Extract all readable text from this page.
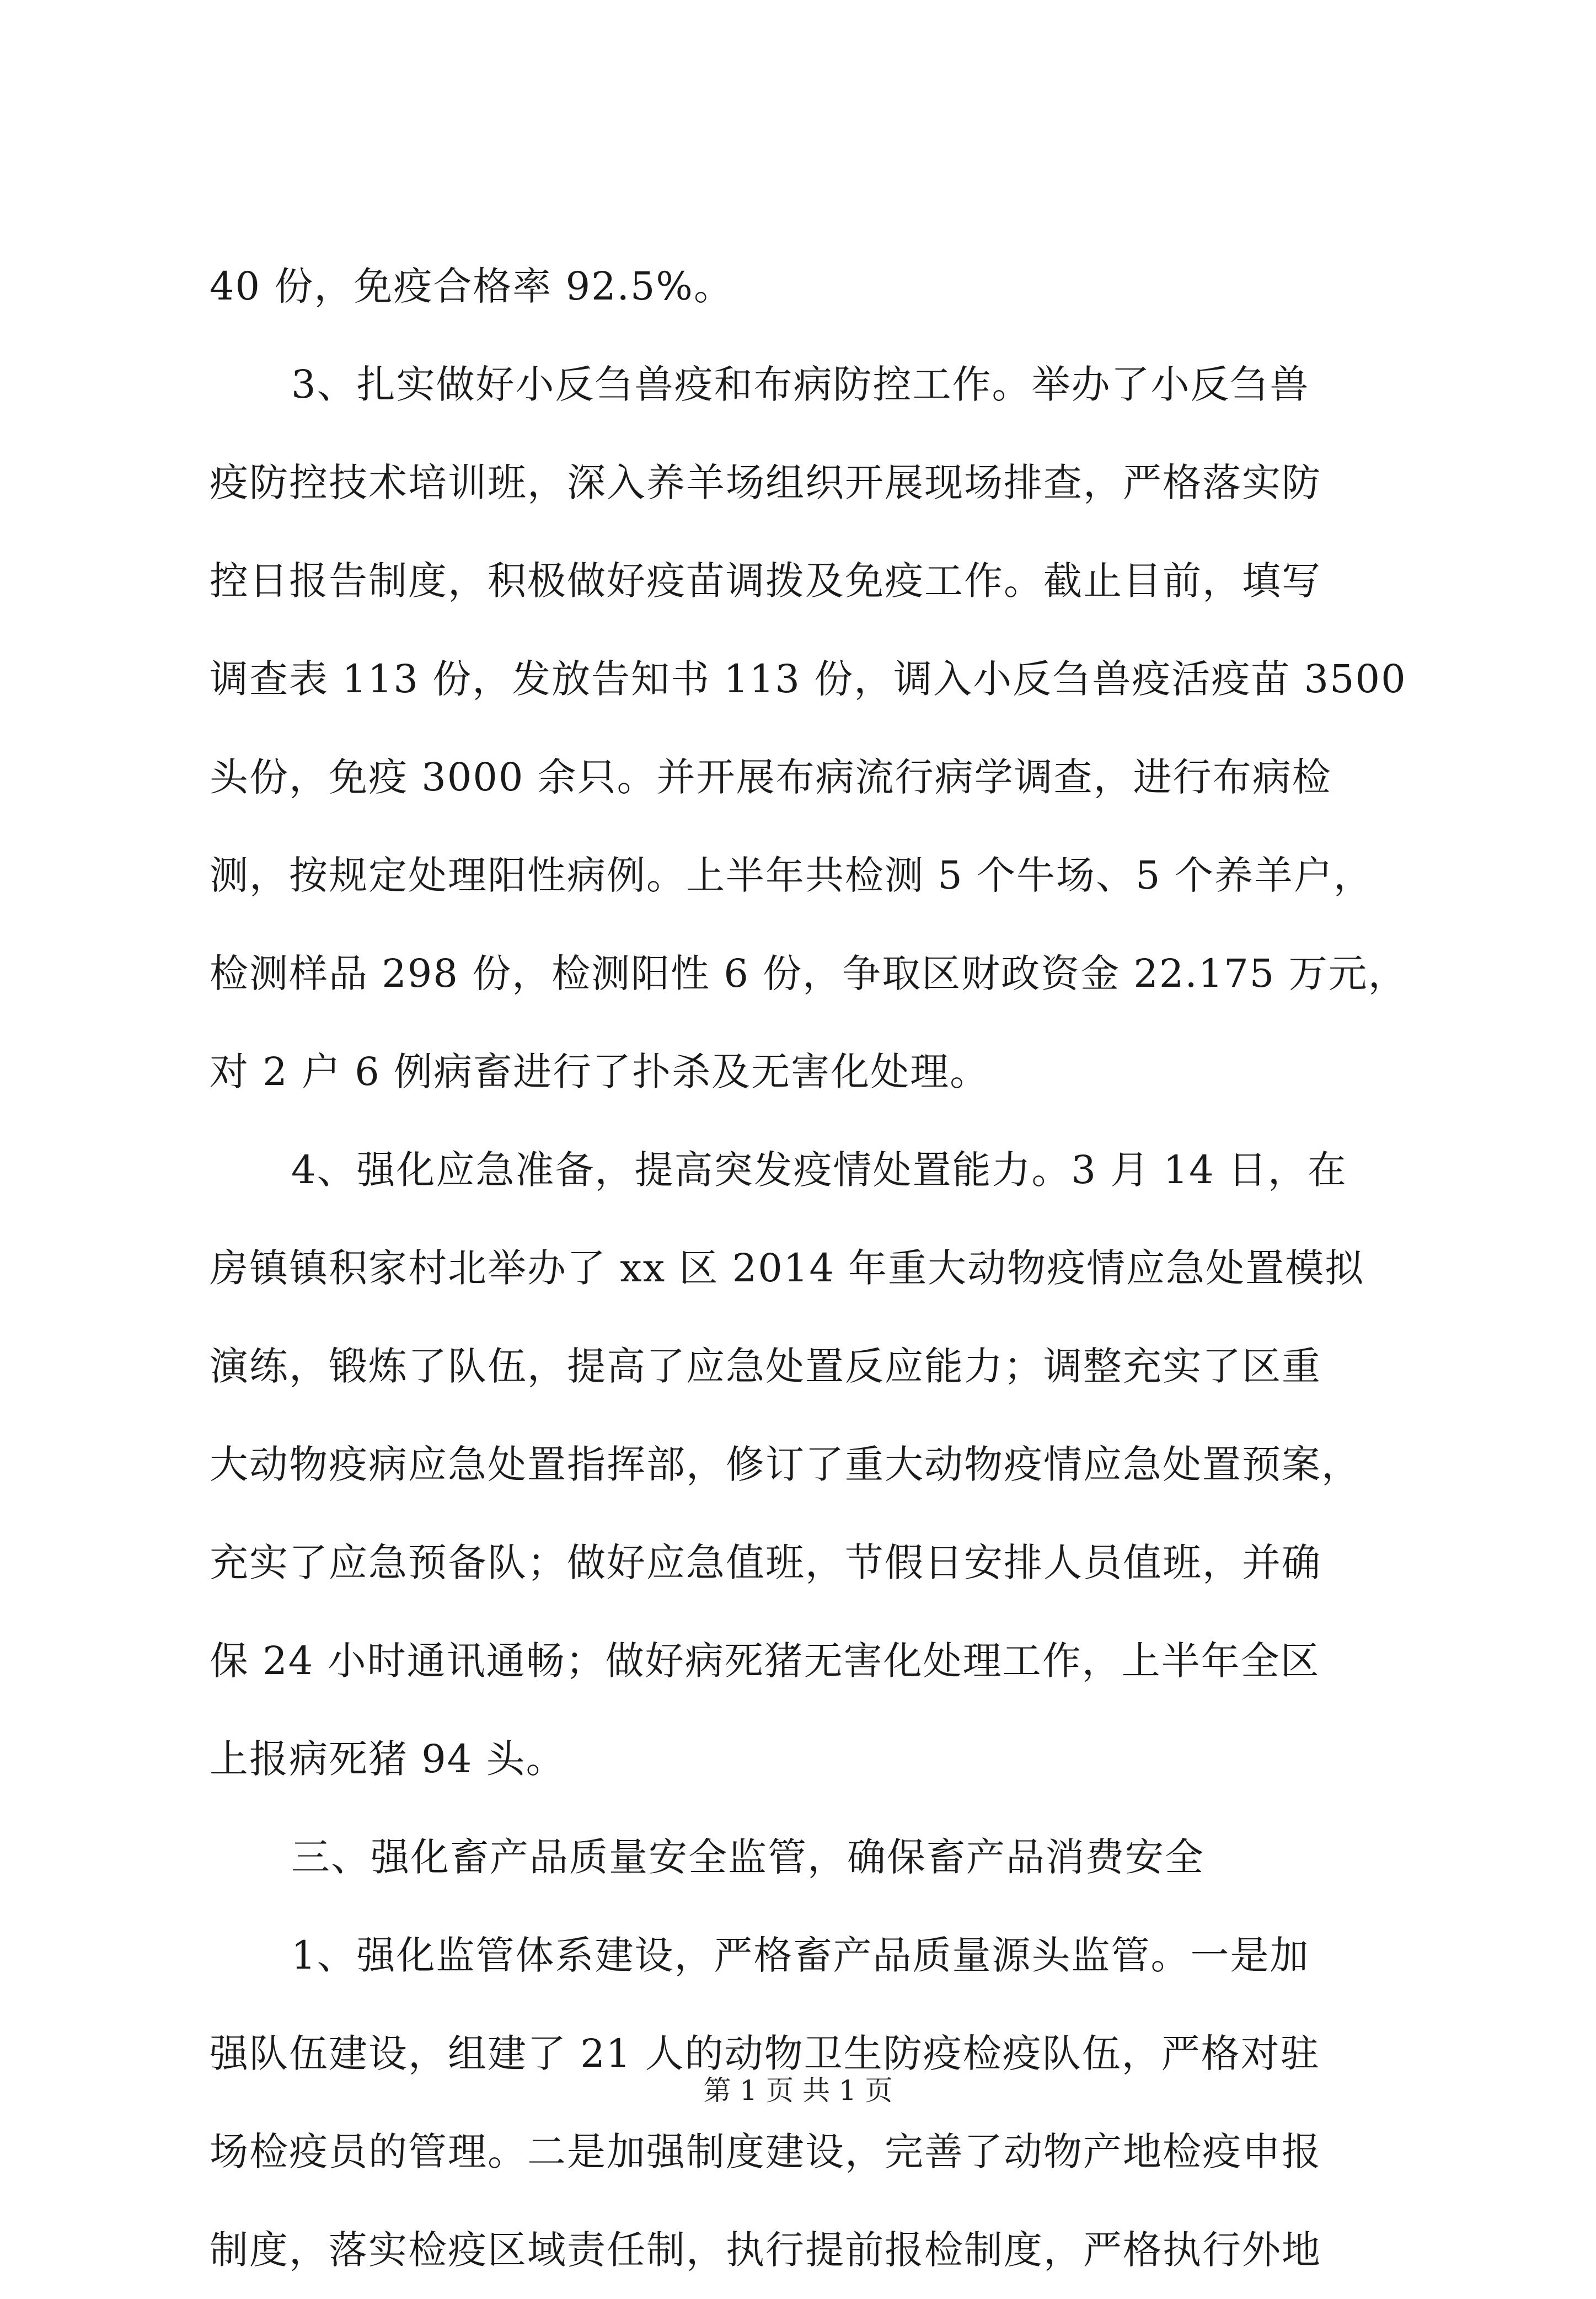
40 份，免疫合格率 92.5%。
3、扎实做好小反刍兽疫和布病防控工作。举办了小反刍兽
疫防控技术培训班，深入养羊场组织开展现场排查，严格落实防
控日报告制度，积极做好疫苗调拨及免疫工作。截止目前，填写
调查表 113 份，发放告知书 113 份，调入小反刍兽疫活疫苗 3500
头份，免疫 3000 余只。并开展布病流行病学调查，进行布病检
测，按规定处理阳性病例。上半年共检测 5 个牛场、5 个养羊户，
检测样品 298 份，检测阳性 6 份，争取区财政资金 22.175 万元，
对 2 户 6 例病畜进行了扑杀及无害化处理。
4、强化应急准备，提高突发疫情处置能力。3 月 14 日，在
房镇镇积家村北举办了 xx 区 2014 年重大动物疫情应急处置模拟
演练，锻炼了队伍，提高了应急处置反应能力；调整充实了区重
大动物疫病应急处置指挥部，修订了重大动物疫情应急处置预案，
充实了应急预备队；做好应急值班，节假日安排人员值班，并确
保 24 小时通讯通畅；做好病死猪无害化处理工作，上半年全区
上报病死猪 94 头。
三、强化畜产品质量安全监管，确保畜产品消费安全
1、强化监管体系建设，严格畜产品质量源头监管。一是加
强队伍建设，组建了 21 人的动物卫生防疫检疫队伍，严格对驻
场检疫员的管理。二是加强制度建设，完善了动物产地检疫申报
制度，落实检疫区域责任制，执行提前报检制度，严格执行外地
第 1 页 共 1 页
